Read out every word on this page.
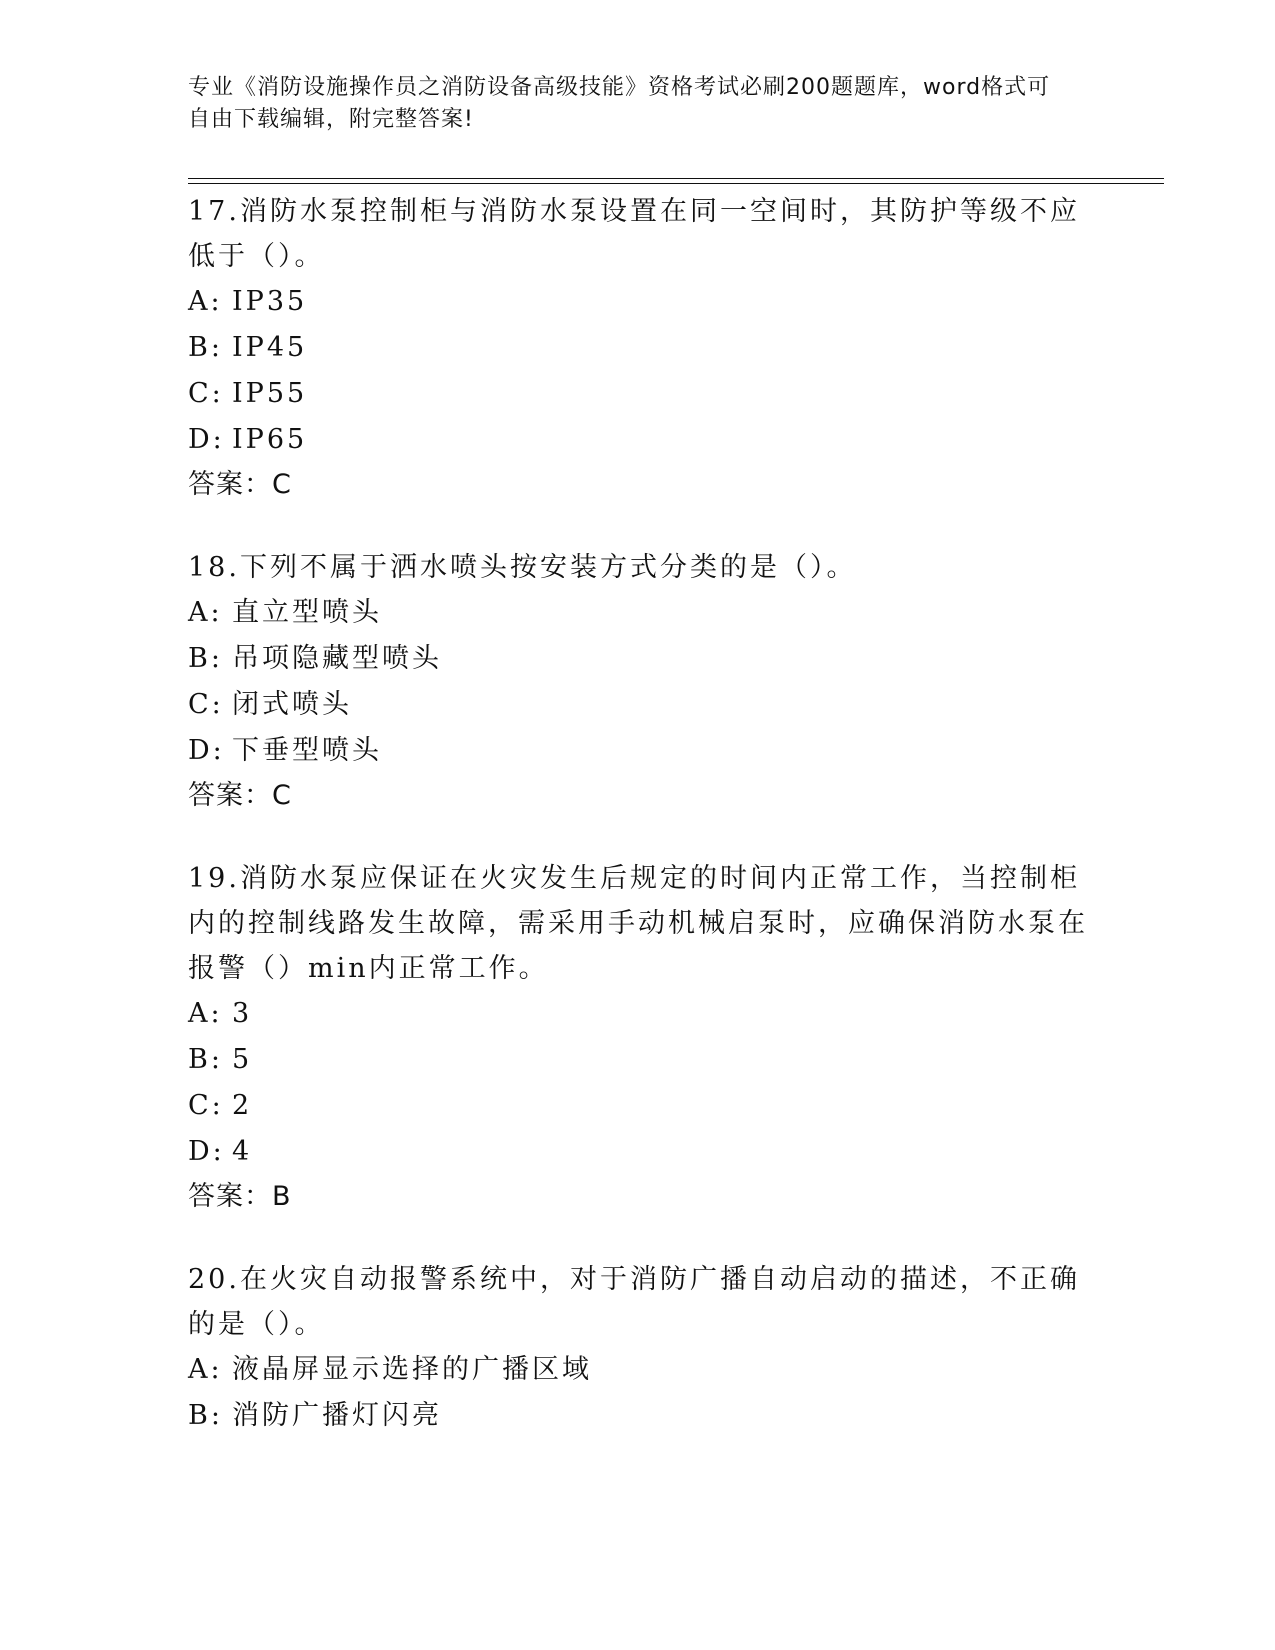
专业《消防设施操作员之消防设备高级技能》资格考试必刷200题题库，word格式可自由下载编辑，附完整答案!
17.消防水泵控制柜与消防水泵设置在同一空间时，其防护等级不应低于（）。
A: IP35
B: IP45
C: IP55
D: IP65
答案：C
18.下列不属于洒水喷头按安装方式分类的是（）。
A: 直立型喷头
B: 吊项隐藏型喷头
C: 闭式喷头
D: 下垂型喷头
答案：C
19.消防水泵应保证在火灾发生后规定的时间内正常工作，当控制柜内的控制线路发生故障，需采用手动机械启泵时，应确保消防水泵在报警（）min内正常工作。
A: 3
B: 5
C: 2
D: 4
答案：B
20.在火灾自动报警系统中，对于消防广播自动启动的描述，不正确的是（）。
A: 液晶屏显示选择的广播区域
B: 消防广播灯闪亮
